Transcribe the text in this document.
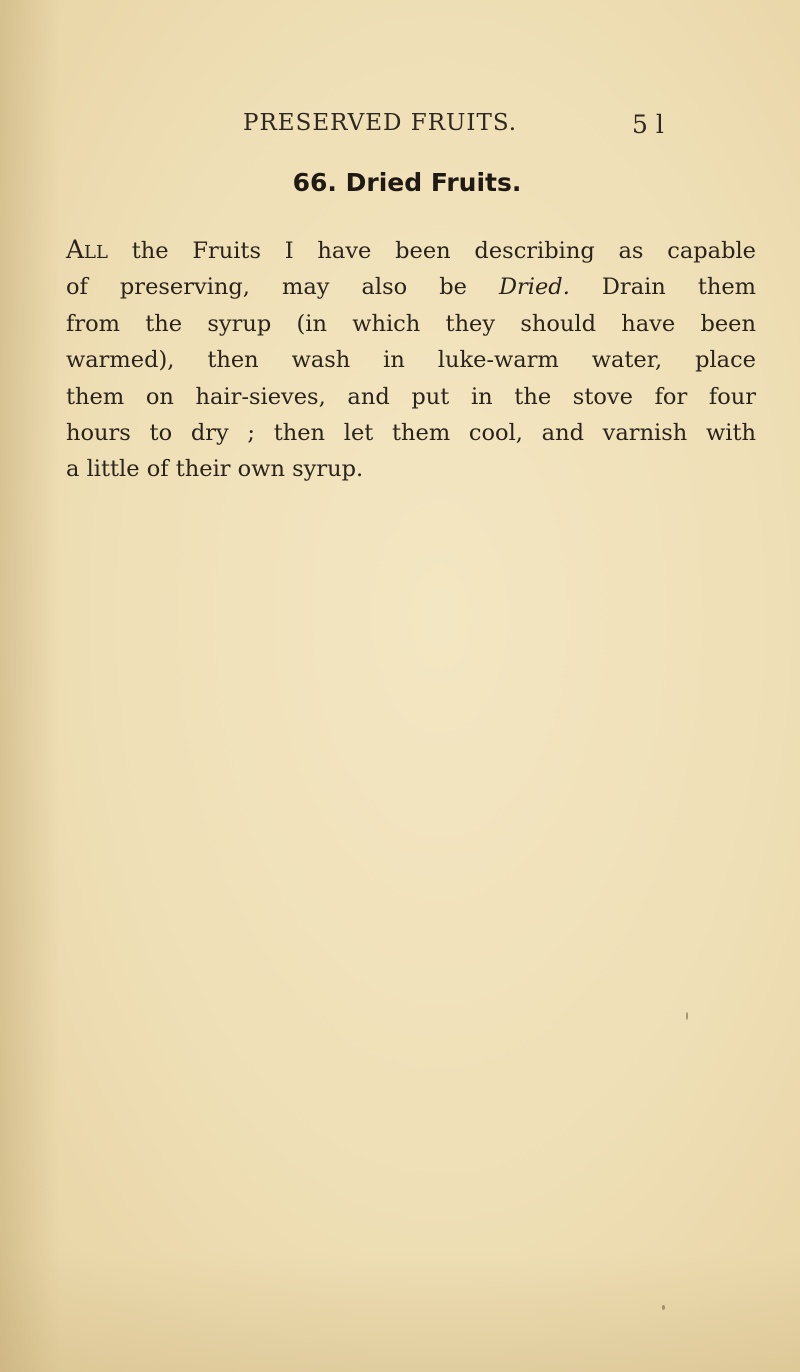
PRESERVED FRUITS.	5 l
66. Dried Fruits.

All the Fruits I have been describing as capable
of preserving, may also be Dried. Drain them
from the syrup (in which they should have been
warmed), then wash in luke-warm water, place
them on hair-sieves, and put in the stove for four
hours to dry ; then let them cool, and varnish with
a little of their own syrup.
